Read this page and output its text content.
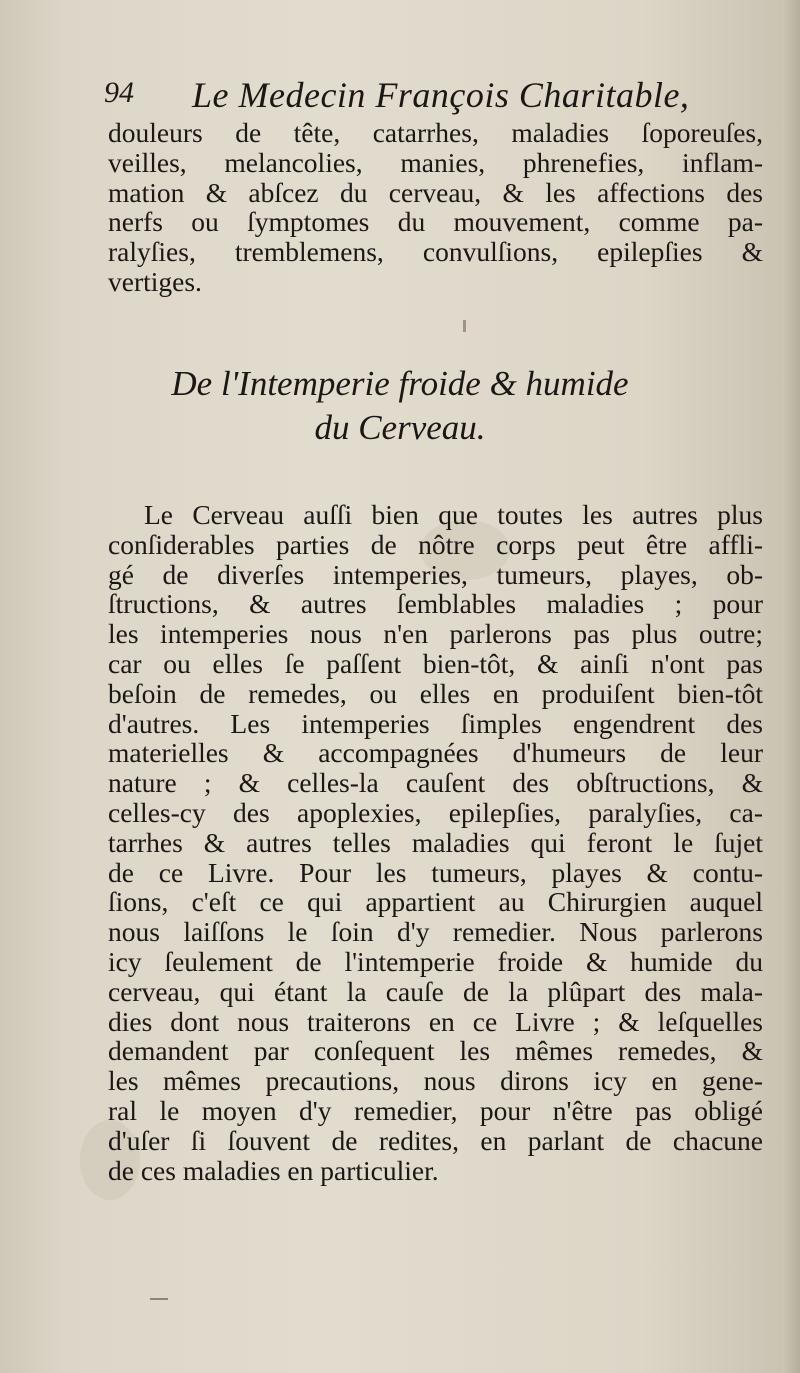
94 Le Medecin François Charitable,
douleurs de tête, catarrhes, maladies ſoporeuſes,
veilles, melancolies, manies, phrenefies, inflam-
mation & abſcez du cerveau, & les affections des
nerfs ou ſymptomes du mouvement, comme pa-
ralyſies, tremblemens, convulſions, epilepſies &
vertiges.
De l'Intemperie froide & humide
du Cerveau.
Le Cerveau auſſi bien que toutes les autres plus
conſiderables parties de nôtre corps peut être affli-
gé de diverſes intemperies, tumeurs, playes, ob-
ſtructions, & autres ſemblables maladies ; pour
les intemperies nous n'en parlerons pas plus outre;
car ou elles ſe paſſent bien-tôt, & ainſi n'ont pas
beſoin de remedes, ou elles en produiſent bien-tôt
d'autres. Les intemperies ſimples engendrent des
materielles & accompagnées d'humeurs de leur
nature ; & celles-la cauſent des obſtructions, &
celles-cy des apoplexies, epilepſies, paralyſies, ca-
tarrhes & autres telles maladies qui feront le ſujet
de ce Livre. Pour les tumeurs, playes & contu-
ſions, c'eſt ce qui appartient au Chirurgien auquel
nous laiſſons le ſoin d'y remedier. Nous parlerons
icy ſeulement de l'intemperie froide & humide du
cerveau, qui étant la cauſe de la plûpart des mala-
dies dont nous traiterons en ce Livre ; & leſquelles
demandent par conſequent les mêmes remedes, &
les mêmes precautions, nous dirons icy en gene-
ral le moyen d'y remedier, pour n'être pas obligé
d'uſer ſi ſouvent de redites, en parlant de chacune
de ces maladies en particulier.
